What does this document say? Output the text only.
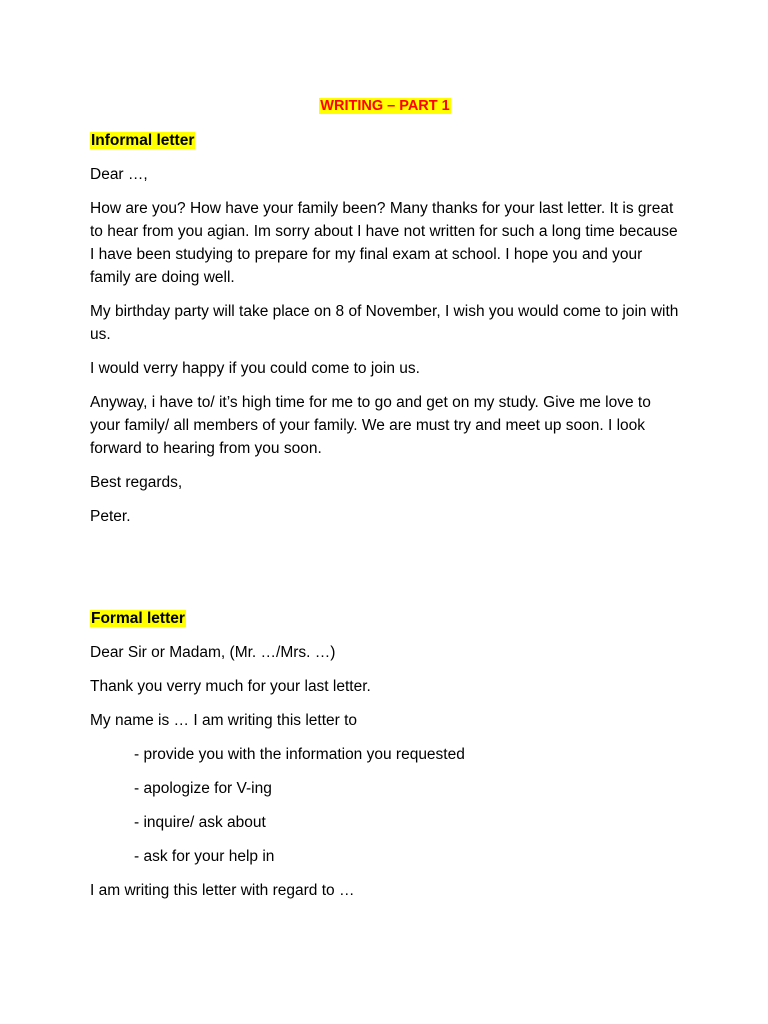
WRITING – PART 1

Informal letter

Dear …,

How are you? How have your family been? Many thanks for your last letter. It is great to hear from you agian. Im sorry about I have not written for such a long time because I have been studying to prepare for my final exam at school. I hope you and your family are doing well.

My birthday party will take place on 8 of November, I wish you would come to join with us.

I would verry happy if you could come to join us.

Anyway, i have to/ it’s high time for me to go and get on my study. Give me love to your family/ all members of your family. We are must try and meet up soon. I look forward to hearing from you soon.

Best regards,

Peter.

Formal letter

Dear Sir or Madam, (Mr. …/Mrs. …)

Thank you verry much for your last letter.

My name is … I am writing this letter to

- provide you with the information you requested

- apologize for V-ing

- inquire/ ask about

- ask for your help in

I am writing this letter with regard to …
